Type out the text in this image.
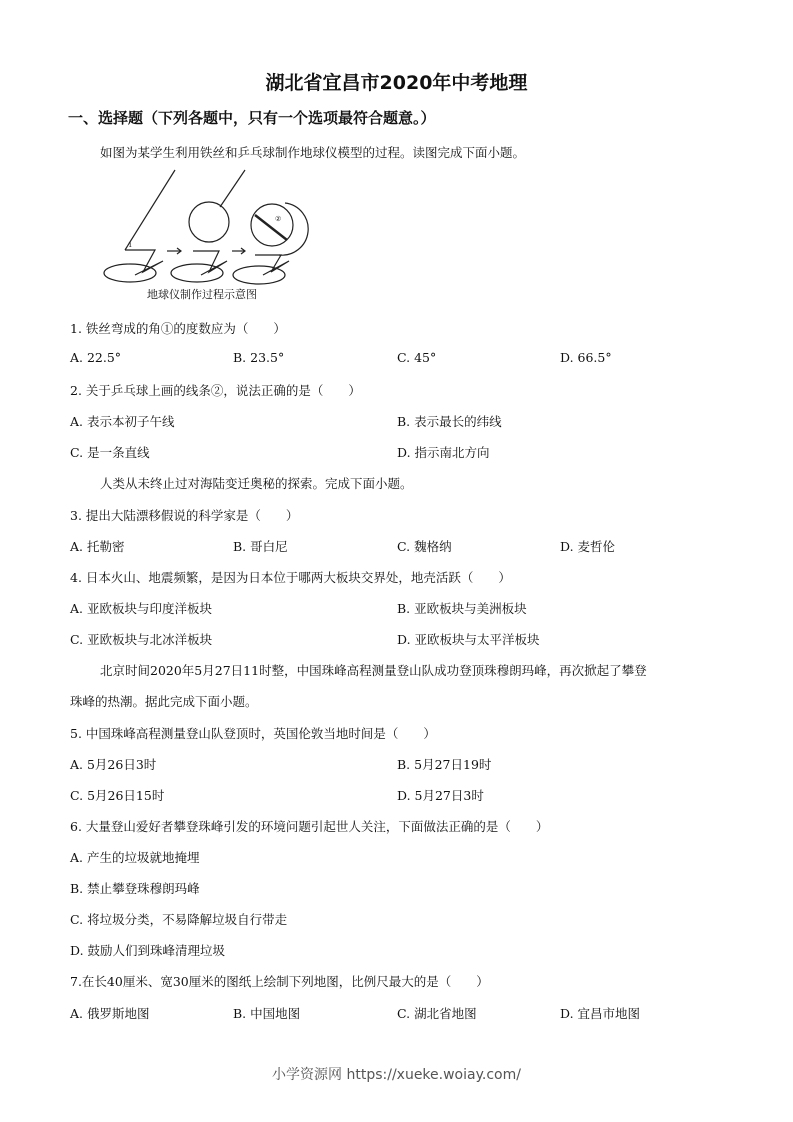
湖北省宜昌市2020年中考地理
一、选择题（下列各题中，只有一个选项最符合题意。）
如图为某学生利用铁丝和乒乓球制作地球仪模型的过程。读图完成下面小题。
1
②
地球仪制作过程示意图
1. 铁丝弯成的角①的度数应为（　　）
A. 22.5°	B. 23.5°	C. 45°	D. 66.5°
2. 关于乒乓球上画的线条②，说法正确的是（　　）
A. 表示本初子午线	B. 表示最长的纬线
C. 是一条直线	D. 指示南北方向
人类从未终止过对海陆变迁奥秘的探索。完成下面小题。
3. 提出大陆漂移假说的科学家是（　　）
A. 托勒密	B. 哥白尼	C. 魏格纳	D. 麦哲伦
4. 日本火山、地震频繁，是因为日本位于哪两大板块交界处，地壳活跃（　　）
A. 亚欧板块与印度洋板块	B. 亚欧板块与美洲板块
C. 亚欧板块与北冰洋板块	D. 亚欧板块与太平洋板块
北京时间2020年5月27日11时整，中国珠峰高程测量登山队成功登顶珠穆朗玛峰，再次掀起了攀登
珠峰的热潮。据此完成下面小题。
5. 中国珠峰高程测量登山队登顶时，英国伦敦当地时间是（　　）
A. 5月26日3时	B. 5月27日19时
C. 5月26日15时	D. 5月27日3时
6. 大量登山爱好者攀登珠峰引发的环境问题引起世人关注，下面做法正确的是（　　）
A. 产生的垃圾就地掩埋
B. 禁止攀登珠穆朗玛峰
C. 将垃圾分类，不易降解垃圾自行带走
D. 鼓励人们到珠峰清理垃圾
7.在长40厘米、宽30厘米的图纸上绘制下列地图，比例尺最大的是（　　）
A. 俄罗斯地图	B. 中国地图	C. 湖北省地图	D. 宜昌市地图
小学资源网 https://xueke.woiay.com/
